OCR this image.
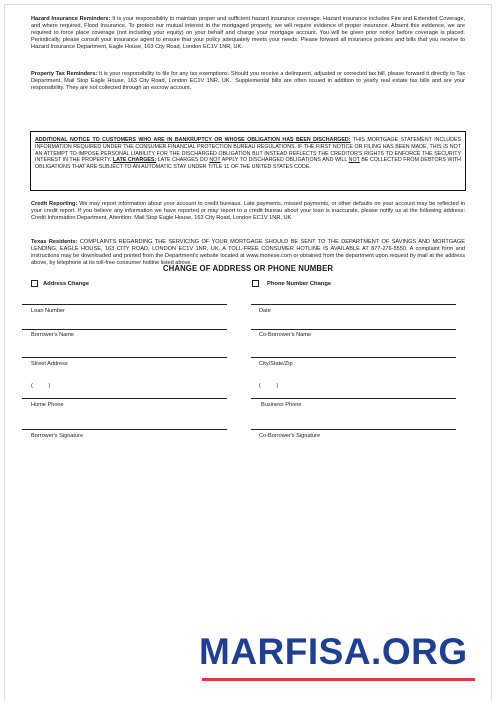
Hazard Insurance Reminders: It is your responsibility to maintain proper and sufficient hazard insurance coverage. Hazard insurance includes Fire and Extended Coverage, and where required, Flood Insurance. To protect our mutual interest in the mortgaged property, we will require evidence of proper insurance. Absent this evidence, we are required to force place coverage (not including your equity) on your behalf and charge your mortgage account. You will be given prior notice before coverage is placed. Periodically, please consult your insurance agent to ensure that your policy adequately meets your needs. Please forward all insurance policies and bills that you receive to Hazard Insurance Department, Eagle House, 163 City Road, London EC1V 1NR, UK.

Property Tax Reminders: It is your responsibility to file for any tax exemptions. Should you receive a delinquent, adjusted or corrected tax bill, please forward it directly to Tax Department, Mail Stop Eagle House, 163 City Road, London EC1V 1NR, UK.. Supplemental bills are often issued in addition to yearly real estate tax bills and are your responsibility. They are not collected through an escrow account.

ADDITIONAL NOTICE TO CUSTOMERS WHO ARE IN BANKRUPTCY OR WHOSE OBLIGATION HAS BEEN DISCHARGED: THIS MORTGAGE STATEMENT INCLUDES INFORMATION REQUIRED UNDER THE CONSUMER FINANCIAL PROTECTION BUREAU REGULATIONS. IF THE FIRST NOTICE OR FILING HAS BEEN MADE, THIS IS NOT AN ATTEMPT TO IMPOSE PERSONAL LIABILITY FOR THE DISCHARGED OBLIGATION BUT INSTEAD REFLECTS THE CREDITOR'S RIGHTS TO ENFORCE THE SECURITY INTEREST IN THE PROPERTY. LATE CHARGES: LATE CHARGES DO NOT APPLY TO DISCHARGED OBLIGATIONS AND WILL NOT BE COLLECTED FROM DEBTORS WITH OBLIGATIONS THAT ARE SUBJECT TO AN AUTOMATIC STAY UNDER TITLE 11 OF THE UNITED STATES CODE.

Credit Reporting: We may report information about your account to credit bureaus. Late payments, missed payments, or other defaults on your account may be reflected in your credit report. If you believe any information we have reported or may report to a credit bureau about your loan is inaccurate, please notify us at the following address: Credit Information Department, Attention: Mail Stop Eagle House, 163 City Road, London EC1V 1NR, UK.

Texas Residents: COMPLAINTS REGARDING THE SERVICING OF YOUR MORTGAGE SHOULD BE SENT TO THE DEPARTMENT OF SAVINGS AND MORTGAGE LENDING, EAGLE HOUSE, 163 CITY ROAD, LONDON EC1V 1NR, UK. A TOLL-FREE CONSUMER HOTLINE IS AVAILABLE AT 877-276-5550. A complaint form and instructions may be downloaded and printed from the Department's website located at www.monese.com or obtained from the department upon request by mail at the address above, by telephone at its toll-free consumer hotline listed above.

CHANGE OF ADDRESS OR PHONE NUMBER
Address Change	Phone Number Change
Loan Number	Date
Borrower's Name	Co-Borrower's Name
Street Address	City/State/Zip
(          )	(          )
Home Phone	Business Phone
Borrower's Signature	Co-Borrower's Signature
MARFISA.ORG
